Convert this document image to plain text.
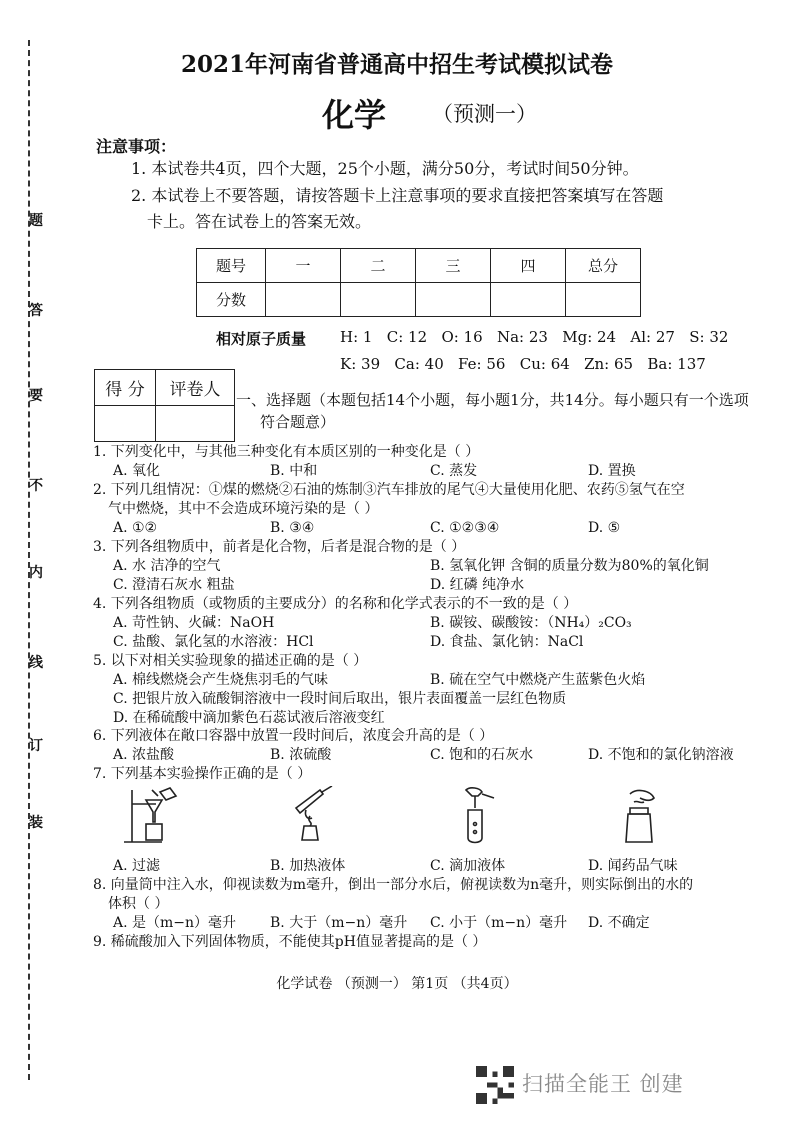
题
答
要
不
内
线
订
装
2021年河南省普通高中招生考试模拟试卷
化学 （预测一）
注意事项：
1. 本试卷共4页，四个大题，25个小题，满分50分，考试时间50分钟。
2. 本试卷上不要答题，请按答题卡上注意事项的要求直接把答案填写在答题
卡上。答在试卷上的答案无效。
题号	一	二	三	四	总分
分数					
相对原子质量 H: 1   C: 12   O: 16   Na: 23   Mg: 24   Al: 27   S: 32
K: 39   Ca: 40   Fe: 56   Cu: 64   Zn: 65   Ba: 137
得 分	评卷人
	一、选择题（本题包括14个小题，每小题1分，共14分。每小题只有一个选项
符合题意）
1. 下列变化中，与其他三种变化有本质区别的一种变化是（ ）
A. 氧化	B. 中和	C. 蒸发	D. 置换
2. 下列几组情况：①煤的燃烧②石油的炼制③汽车排放的尾气④大量使用化肥、农药⑤氢气在空
气中燃烧，其中不会造成环境污染的是（ ）
A. ①②	B. ③④	C. ①②③④	D. ⑤
3. 下列各组物质中，前者是化合物，后者是混合物的是（ ）
A. 水 洁净的空气	B. 氢氧化钾 含铜的质量分数为80%的氧化铜
C. 澄清石灰水 粗盐	D. 红磷 纯净水
4. 下列各组物质（或物质的主要成分）的名称和化学式表示的不一致的是（ ）
A. 苛性钠、火碱：NaOH	B. 碳铵、碳酸铵：（NH₄）₂CO₃
C. 盐酸、氯化氢的水溶液：HCl	D. 食盐、氯化钠：NaCl
5. 以下对相关实验现象的描述正确的是（ ）
A. 棉线燃烧会产生烧焦羽毛的气味	B. 硫在空气中燃烧产生蓝紫色火焰
C. 把银片放入硫酸铜溶液中一段时间后取出，银片表面覆盖一层红色物质
D. 在稀硫酸中滴加紫色石蕊试液后溶液变红
6. 下列液体在敞口容器中放置一段时间后，浓度会升高的是（ ）
A. 浓盐酸	B. 浓硫酸	C. 饱和的石灰水	D. 不饱和的氯化钠溶液
7. 下列基本实验操作正确的是（ ）
A. 过滤	B. 加热液体	C. 滴加液体	D. 闻药品气味
8. 向量筒中注入水，仰视读数为m毫升，倒出一部分水后，俯视读数为n毫升，则实际倒出的水的
体积（ ）
A. 是（m−n）毫升 B. 大于（m−n）毫升 C. 小于（m−n）毫升 D. 不确定
9. 稀硫酸加入下列固体物质，不能使其pH值显著提高的是（ ）
化学试卷 （预测一） 第1页 （共4页）
扫描全能王 创建
